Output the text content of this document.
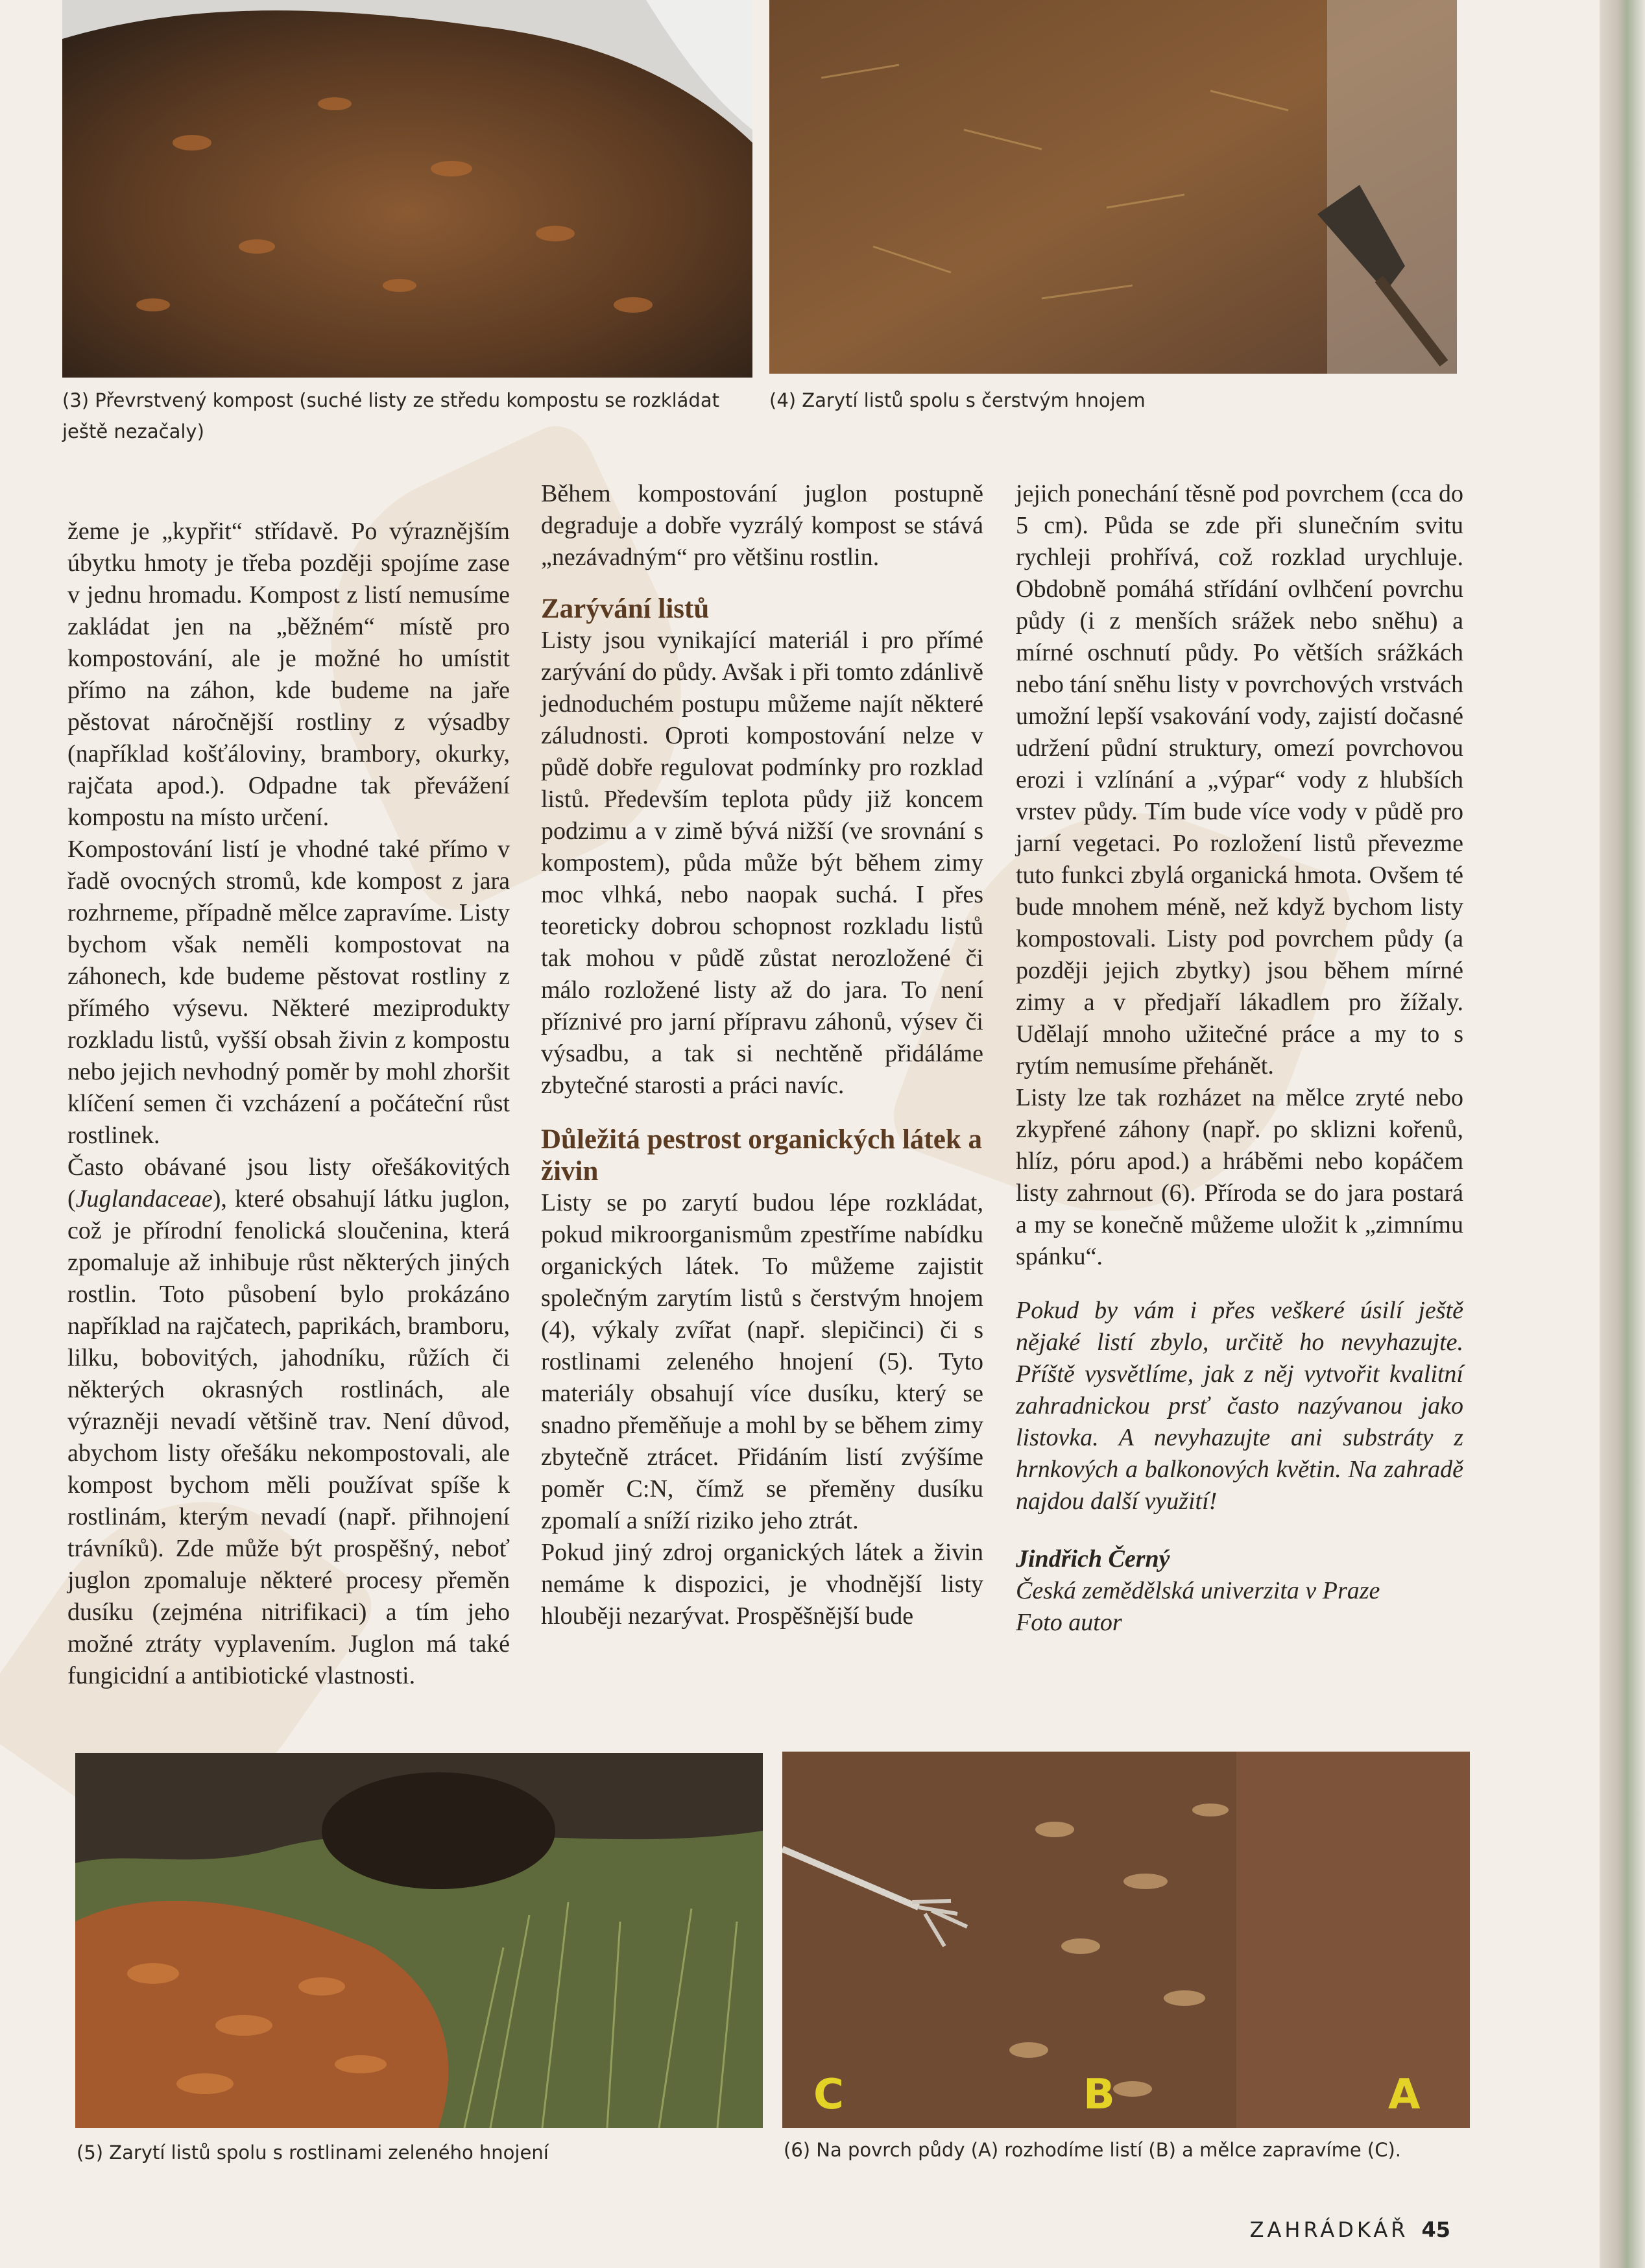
(3) Převrstvený kompost (suché listy ze středu kompostu se rozkládat ještě nezačaly)
(4) Zarytí listů spolu s čerstvým hnojem

žeme je „kypřit“ střídavě. Po výraznějším úbytku hmoty je třeba později spojíme zase v jednu hromadu. Kompost z listí nemusíme zakládat jen na „běžném“ místě pro kompostování, ale je možné ho umístit přímo na záhon, kde budeme na jaře pěstovat náročnější rostliny z výsadby (například košťáloviny, brambory, okurky, rajčata apod.). Odpadne tak převážení kompostu na místo určení.

Kompostování listí je vhodné také přímo v řadě ovocných stromů, kde kompost z jara rozhrneme, případně mělce zapravíme. Listy bychom však neměli kompostovat na záhonech, kde budeme pěstovat rostliny z přímého výsevu. Některé meziprodukty rozkladu listů, vyšší obsah živin z kompostu nebo jejich nevhodný poměr by mohl zhoršit klíčení semen či vzcházení a počáteční růst rostlinek.

Často obávané jsou listy ořešákovitých (Juglandaceae), které obsahují látku juglon, což je přírodní fenolická sloučenina, která zpomaluje až inhibuje růst některých jiných rostlin. Toto působení bylo prokázáno například na rajčatech, paprikách, bramboru, lilku, bobovitých, jahodníku, růžích či některých okrasných rostlinách, ale výrazněji nevadí většině trav. Není důvod, abychom listy ořešáku nekompostovali, ale kompost bychom měli používat spíše k rostlinám, kterým nevadí (např. přihnojení trávníků). Zde může být prospěšný, neboť juglon zpomaluje některé procesy přeměn dusíku (zejména nitrifikaci) a tím jeho možné ztráty vyplavením. Juglon má také fungicidní a antibiotické vlastnosti.

Během kompostování juglon postupně degraduje a dobře vyzrálý kompost se stává „nezávadným“ pro většinu rostlin.

Zarývání listů

Listy jsou vynikající materiál i pro přímé zarývání do půdy. Avšak i při tomto zdánlivě jednoduchém postupu můžeme najít některé záludnosti. Oproti kompostování nelze v půdě dobře regulovat podmínky pro rozklad listů. Především teplota půdy již koncem podzimu a v zimě bývá nižší (ve srovnání s kompostem), půda může být během zimy moc vlhká, nebo naopak suchá. I přes teoreticky dobrou schopnost rozkladu listů tak mohou v půdě zůstat nerozložené či málo rozložené listy až do jara. To není příznivé pro jarní přípravu záhonů, výsev či výsadbu, a tak si nechtěně přidáláme zbytečné starosti a práci navíc.

Důležitá pestrost organických látek a živin

Listy se po zarytí budou lépe rozkládat, pokud mikroorganismům zpestříme nabídku organických látek. To můžeme zajistit společným zarytím listů s čerstvým hnojem (4), výkaly zvířat (např. slepičinci) či s rostlinami zeleného hnojení (5). Tyto materiály obsahují více dusíku, který se snadno přeměňuje a mohl by se během zimy zbytečně ztrácet. Přidáním listí zvýšíme poměr C:N, čímž se přeměny dusíku zpomalí a sníží riziko jeho ztrát.

Pokud jiný zdroj organických látek a živin nemáme k dispozici, je vhodnější listy hlouběji nezarývat. Prospěšnější bude

jejich ponechání těsně pod povrchem (cca do 5 cm). Půda se zde při slunečním svitu rychleji prohřívá, což rozklad urychluje. Obdobně pomáhá střídání ovlhčení povrchu půdy (i z menších srážek nebo sněhu) a mírné oschnutí půdy. Po větších srážkách nebo tání sněhu listy v povrchových vrstvách umožní lepší vsakování vody, zajistí dočasné udržení půdní struktury, omezí povrchovou erozi i vzlínání a „výpar“ vody z hlubších vrstev půdy. Tím bude více vody v půdě pro jarní vegetaci. Po rozložení listů převezme tuto funkci zbylá organická hmota. Ovšem té bude mnohem méně, než když bychom listy kompostovali. Listy pod povrchem půdy (a později jejich zbytky) jsou během mírné zimy a v předjaří lákadlem pro žížaly. Udělají mnoho užitečné práce a my to s rytím nemusíme přehánět.

Listy lze tak rozházet na mělce zryté nebo zkypřené záhony (např. po sklizni kořenů, hlíz, póru apod.) a hráběmi nebo kopáčem listy zahrnout (6). Příroda se do jara postará a my se konečně můžeme uložit k „zimnímu spánku“.

Pokud by vám i přes veškeré úsilí ještě nějaké listí zbylo, určitě ho nevyhazujte. Příště vysvětlíme, jak z něj vytvořit kvalitní zahradnickou prsť často nazývanou jako listovka. A nevyhazujte ani substráty z hrnkových a balkonových květin. Na zahradě najdou další využití!

Jindřich Černý
Česká zemědělská univerzita v Praze
Foto autor
(5) Zarytí listů spolu s rostlinami zeleného hnojení
C	B	A
(6) Na povrch půdy (A) rozhodíme listí (B) a mělce zapravíme (C).
ZAHRÁDKÁŘ 45
